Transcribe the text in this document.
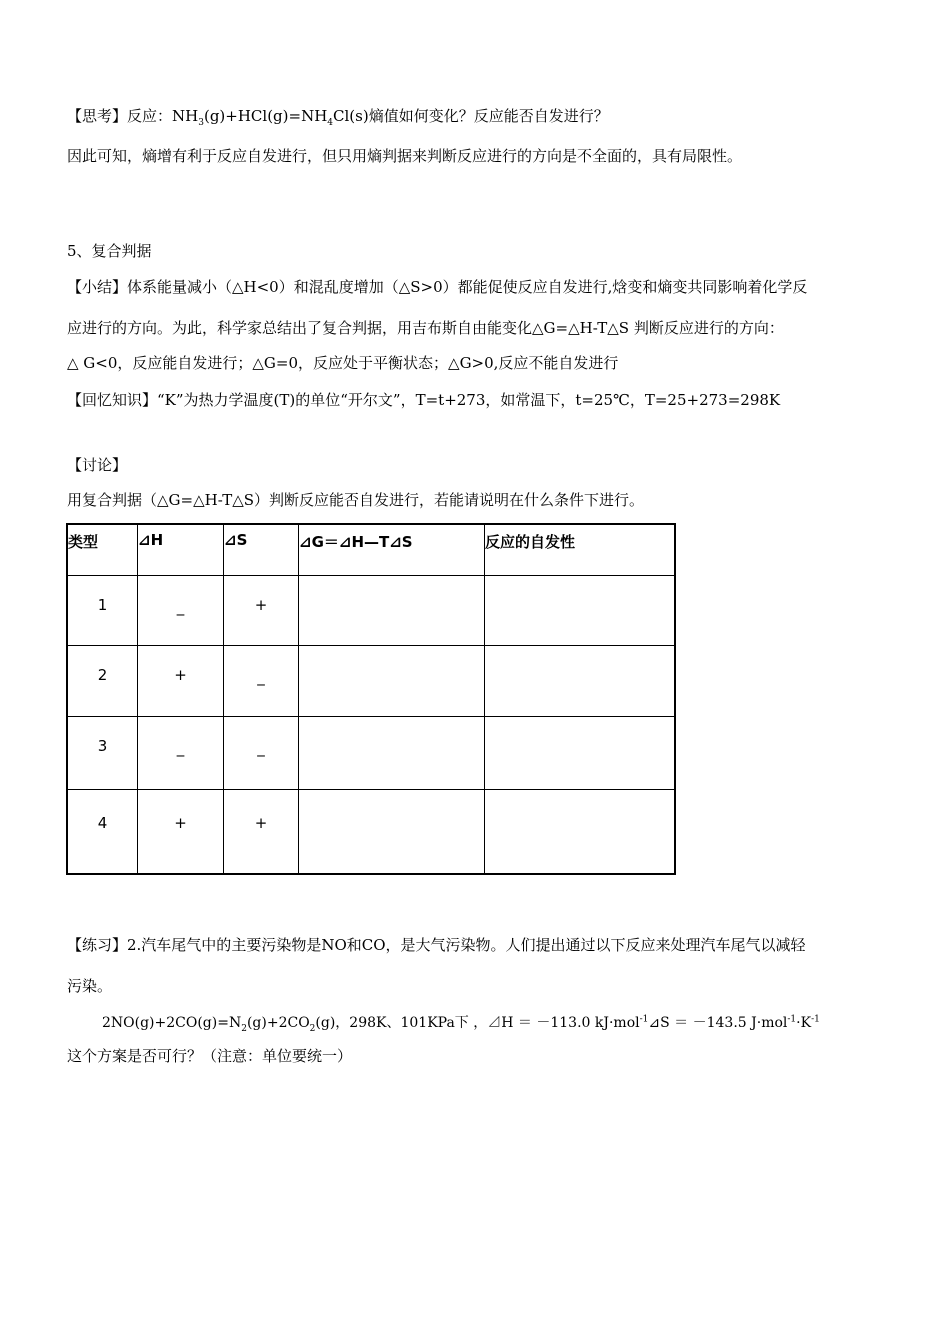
【思考】反应：$NH_3(g)+HCl(g)=NH_4Cl(s)$熵值如何变化？反应能否自发进行？
因此可知，熵增有利于反应自发进行，但只用熵判据来判断反应进行的方向是不全面的，具有局限性。
5、复合判据
【小结】体系能量减小（△H<0）和混乱度增加（△S>0）都能促使反应自发进行,焓变和熵变共同影响着化学反
应进行的方向。为此，科学家总结出了复合判据，用吉布斯自由能变化△G=△H-T△S 判断反应进行的方向：
△ G<0，反应能自发进行；△G=0，反应处于平衡状态；△G>0,反应不能自发进行
【回忆知识】“K”为热力学温度(T)的单位“开尔文”，T=t+273，如常温下，t=25℃，T=25+273=298K
【讨论】
用复合判据（△G=△H-T△S）判断反应能否自发进行，若能请说明在什么条件下进行。
类型	⊿H	⊿S	⊿G＝⊿H—T⊿S	反应的自发性
1	_	+		
2	+	_		
3	_	_		
4	+	+		
【练习】2.汽车尾气中的主要污染物是NO和CO，是大气污染物。人们提出通过以下反应来处理汽车尾气以减轻
污染。
$2NO(g)+2CO(g)=N_2(g)+2CO_2(g)$，298K、101KPa下 ，⊿H ＝ －113.0 kJ·mol$^{-1}$⊿S ＝ －143.5 $J\cdot mol^{-1}\cdot K^{-1}$
这个方案是否可行？（注意：单位要统一）
